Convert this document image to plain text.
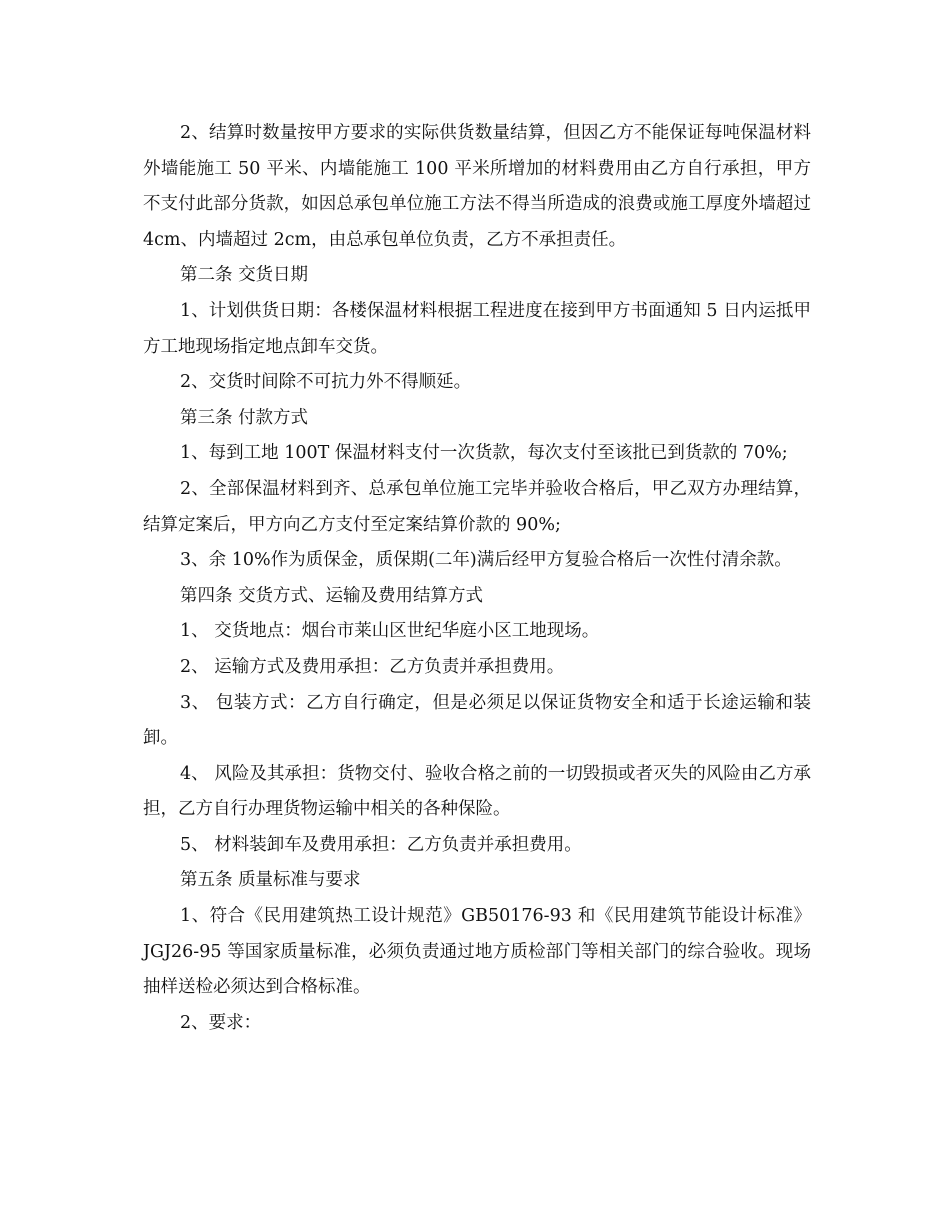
2、结算时数量按甲方要求的实际供货数量结算，但因乙方不能保证每吨保温材料外墙能施工 50 平米、内墙能施工 100 平米所增加的材料费用由乙方自行承担，甲方不支付此部分货款，如因总承包单位施工方法不得当所造成的浪费或施工厚度外墙超过 4cm、内墙超过 2cm，由总承包单位负责，乙方不承担责任。

第二条 交货日期

1、计划供货日期：各楼保温材料根据工程进度在接到甲方书面通知 5 日内运抵甲方工地现场指定地点卸车交货。

2、交货时间除不可抗力外不得顺延。

第三条 付款方式

1、每到工地 100T 保温材料支付一次货款，每次支付至该批已到货款的 70%;

2、全部保温材料到齐、总承包单位施工完毕并验收合格后，甲乙双方办理结算，结算定案后，甲方向乙方支付至定案结算价款的 90%;

3、余 10%作为质保金，质保期(二年)满后经甲方复验合格后一次性付清余款。

第四条 交货方式、运输及费用结算方式

1、 交货地点：烟台市莱山区世纪华庭小区工地现场。

2、 运输方式及费用承担：乙方负责并承担费用。

3、 包装方式：乙方自行确定，但是必须足以保证货物安全和适于长途运输和装卸。

4、 风险及其承担：货物交付、验收合格之前的一切毁损或者灭失的风险由乙方承担，乙方自行办理货物运输中相关的各种保险。

5、 材料装卸车及费用承担：乙方负责并承担费用。

第五条 质量标准与要求

1、符合《民用建筑热工设计规范》GB50176-93 和《民用建筑节能设计标准》JGJ26-95 等国家质量标准，必须负责通过地方质检部门等相关部门的综合验收。现场抽样送检必须达到合格标准。

2、要求：
